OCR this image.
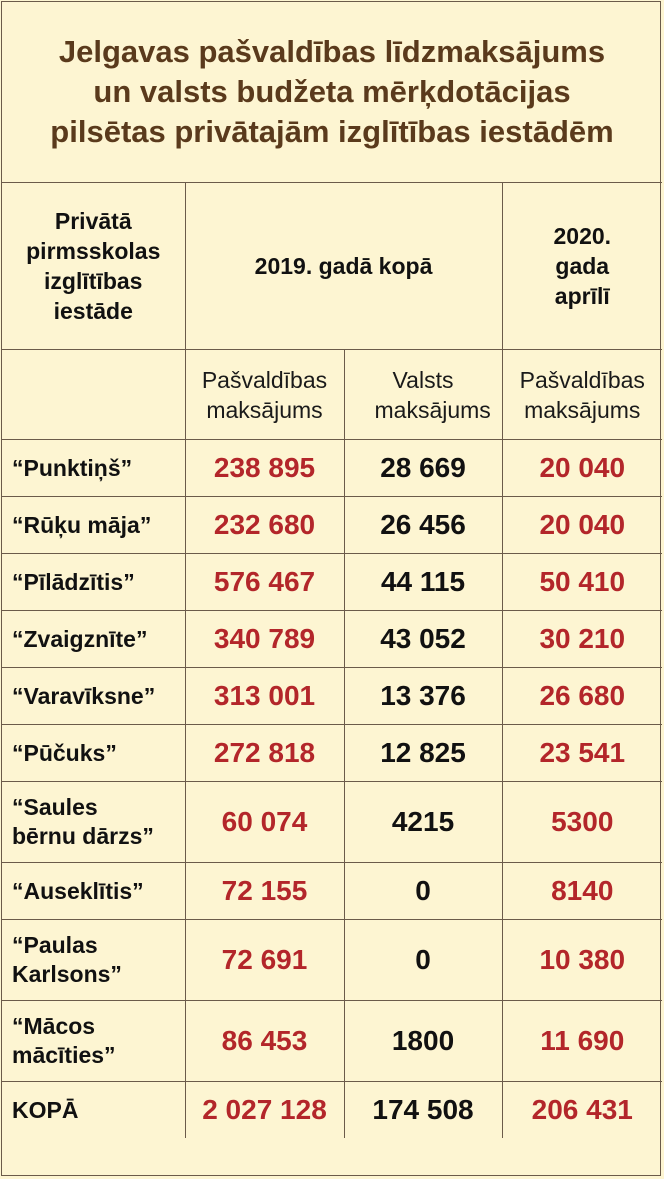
Jelgavas pašvaldības līdzmaksājums
un valsts budžeta mērķdotācijas
pilsētas privātajām izglītības iestādēm
Privātā pirmsskolas izglītības iestāde	2019. gadā kopā		2020. gada aprīlī

	Pašvaldības maksājums	Valsts maksājums	Pašvaldības maksājums

“Punktiņš”	238 895	28 669	20 040
“Rūķu māja”	232 680	26 456	20 040
“Pīlādzītis”	576 467	44 115	50 410
“Zvaigznīte”	340 789	43 052	30 210
“Varavīksne”	313 001	13 376	26 680
“Pūčuks”	272 818	12 825	23 541

“Saules bērnu dārzs”	60 074	4215	5300
“Auseklītis”	72 155	0	8140

“Paulas Karlsons”	72 691	0	10 380

“Mācos mācīties”	86 453	1800	11 690
KOPĀ	2 027 128	174 508	206 431
